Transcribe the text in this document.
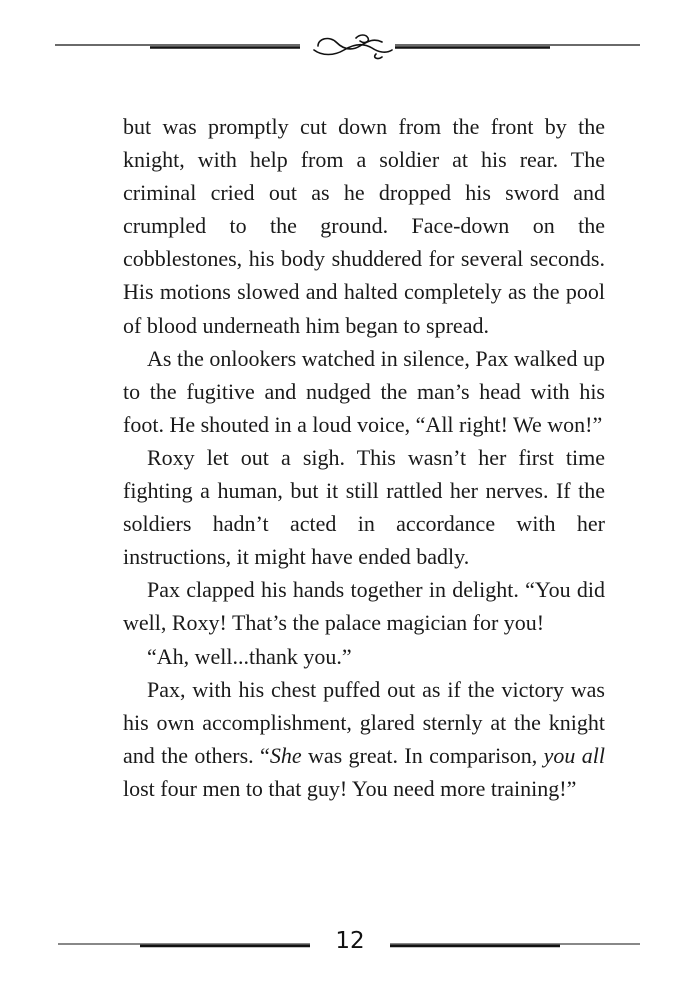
but was promptly cut down from the front by the knight, with help from a soldier at his rear. The criminal cried out as he dropped his sword and crumpled to the ground. Face-down on the cobblestones, his body shuddered for several seconds. His motions slowed and halted completely as the pool of blood underneath him began to spread.

As the onlookers watched in silence, Pax walked up to the fugitive and nudged the man’s head with his foot. He shouted in a loud voice, “All right! We won!”

Roxy let out a sigh. This wasn’t her first time fighting a human, but it still rattled her nerves. If the soldiers hadn’t acted in accordance with her instructions, it might have ended badly.

Pax clapped his hands together in delight. “You did well, Roxy! That’s the palace magician for you!

“Ah, well...thank you.”

Pax, with his chest puffed out as if the victory was his own accomplishment, glared sternly at the knight and the others. “She was great. In comparison, you all lost four men to that guy! You need more training!”

12
